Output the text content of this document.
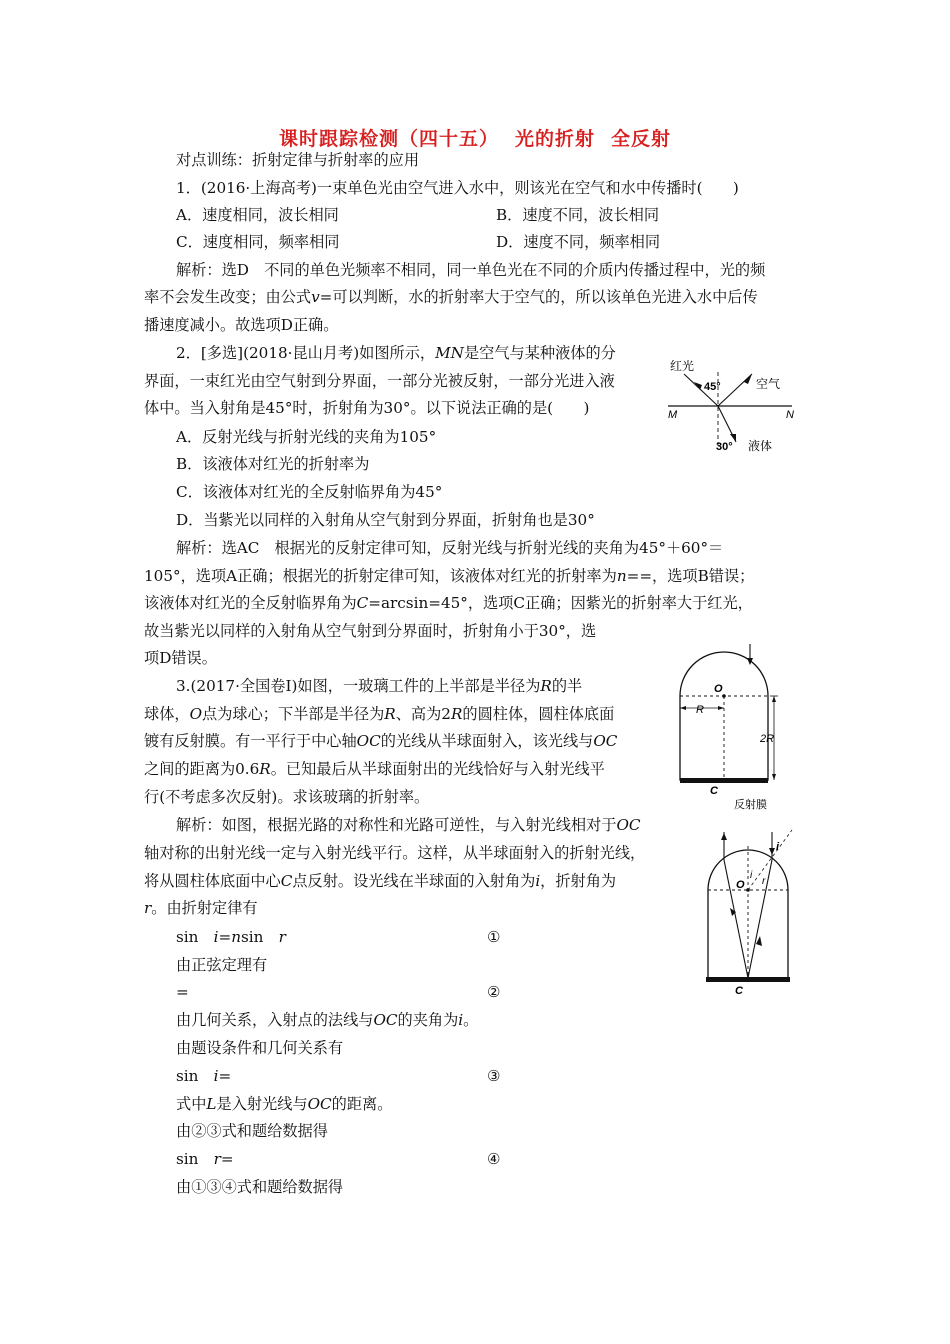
课时跟踪检测（四十五） 光的折射 全反射
对点训练：折射定律与折射率的应用
1．(2016·上海高考)一束单色光由空气进入水中，则该光在空气和水中传播时(　　)
A．速度相同，波长相同	B．速度不同，波长相同
C．速度相同，频率相同	D．速度不同，频率相同
解析：选D　不同的单色光频率不相同，同一单色光在不同的介质内传播过程中，光的频
率不会发生改变；由公式v=可以判断，水的折射率大于空气的，所以该单色光进入水中后传
播速度减小。故选项D正确。
2．[多选](2018·昆山月考)如图所示，MN是空气与某种液体的分
界面，一束红光由空气射到分界面，一部分光被反射，一部分光进入液
体中。当入射角是45°时，折射角为30°。以下说法正确的是(　　)
A．反射光线与折射光线的夹角为105°
B．该液体对红光的折射率为
C．该液体对红光的全反射临界角为45°
D．当紫光以同样的入射角从空气射到分界面，折射角也是30°
解析：选AC　根据光的反射定律可知，反射光线与折射光线的夹角为45°＋60°＝
105°，选项A正确；根据光的折射定律可知，该液体对红光的折射率为n==，选项B错误；
该液体对红光的全反射临界角为C=arcsin=45°，选项C正确；因紫光的折射率大于红光，
故当紫光以同样的入射角从空气射到分界面时，折射角小于30°，选
项D错误。
红光
45°	空气
M	N
30° 液体
3.(2017·全国卷Ⅰ)如图，一玻璃工件的上半部是半径为R的半
球体，O点为球心；下半部是半径为R、高为2R的圆柱体，圆柱体底面
镀有反射膜。有一平行于中心轴OC的光线从半球面射入，该光线与OC
之间的距离为0.6R。已知最后从半球面射出的光线恰好与入射光线平
行(不考虑多次反射)。求该玻璃的折射率。
O
R
2R
C
反射膜
解析：如图，根据光路的对称性和光路可逆性，与入射光线相对于OC
轴对称的出射光线一定与入射光线平行。这样，从半球面射入的折射光线，
将从圆柱体底面中心C点反射。设光线在半球面的入射角为i，折射角为
r。由折射定律有
sin　i=nsin　r	①
由正弦定理有
=	②
由几何关系，入射点的法线与OC的夹角为i。
由题设条件和几何关系有
sin　i=	③
式中L是入射光线与OC的距离。
由②③式和题给数据得
sin　r=	④
由①③④式和题给数据得
i
O
i
r
C
